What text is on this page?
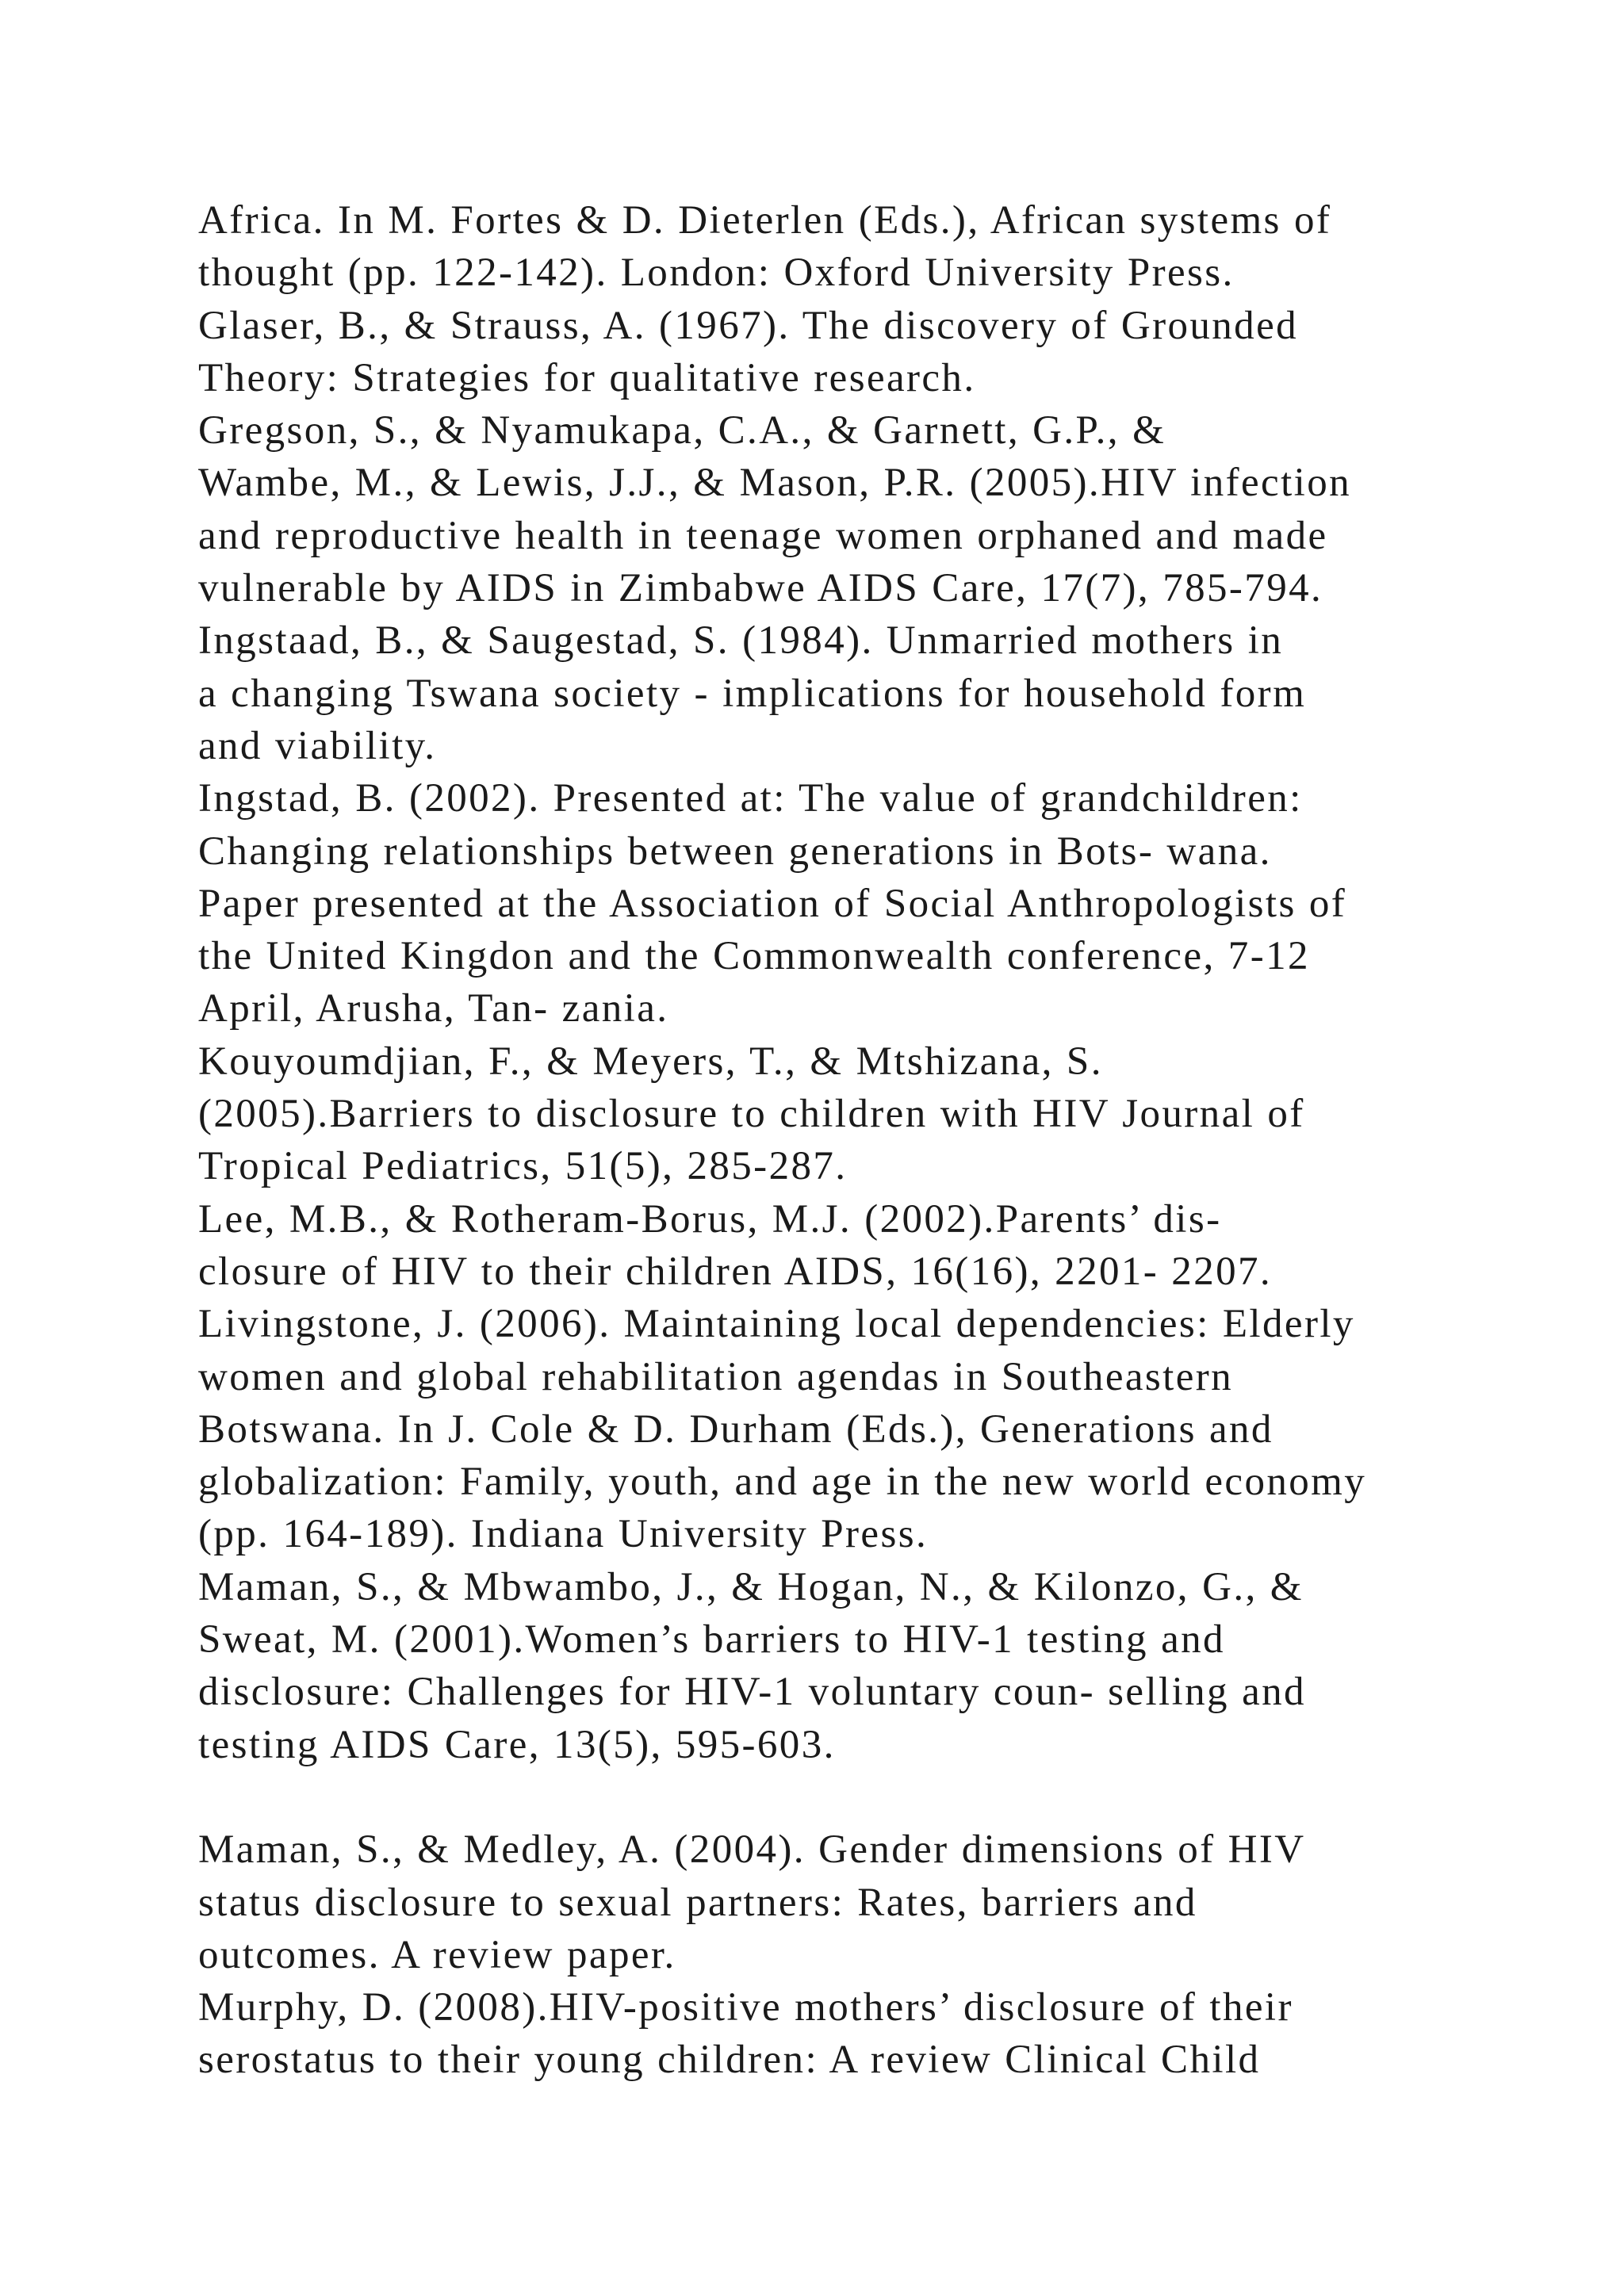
Africa. In M. Fortes & D. Dieterlen (Eds.), African systems of
thought (pp. 122-142). London: Oxford University Press.
Glaser, B., & Strauss, A. (1967). The discovery of Grounded
Theory: Strategies for qualitative research.
Gregson, S., & Nyamukapa, C.A., & Garnett, G.P., &
Wambe, M., & Lewis, J.J., & Mason, P.R. (2005).HIV infection
and reproductive health in teenage women orphaned and made
vulnerable by AIDS in Zimbabwe AIDS Care, 17(7), 785-794.
Ingstaad, B., & Saugestad, S. (1984). Unmarried mothers in
a changing Tswana society - implications for household form
and viability.
Ingstad, B. (2002). Presented at: The value of grandchildren:
Changing relationships between generations in Bots- wana.
Paper presented at the Association of Social Anthropologists of
the United Kingdon and the Commonwealth conference, 7-12
April, Arusha, Tan- zania.
Kouyoumdjian, F., & Meyers, T., & Mtshizana, S.
(2005).Barriers to disclosure to children with HIV Journal of
Tropical Pediatrics, 51(5), 285-287.
Lee, M.B., & Rotheram-Borus, M.J. (2002).Parents’ dis-
closure of HIV to their children AIDS, 16(16), 2201- 2207.
Livingstone, J. (2006). Maintaining local dependencies: Elderly
women and global rehabilitation agendas in Southeastern
Botswana. In J. Cole & D. Durham (Eds.), Generations and
globalization: Family, youth, and age in the new world economy
(pp. 164-189). Indiana University Press.
Maman, S., & Mbwambo, J., & Hogan, N., & Kilonzo, G., &
Sweat, M. (2001).Women’s barriers to HIV-1 testing and
disclosure: Challenges for HIV-1 voluntary coun- selling and
testing AIDS Care, 13(5), 595-603.
Maman, S., & Medley, A. (2004). Gender dimensions of HIV
status disclosure to sexual partners: Rates, barriers and
outcomes. A review paper.
Murphy, D. (2008).HIV-positive mothers’ disclosure of their
serostatus to their young children: A review Clinical Child
